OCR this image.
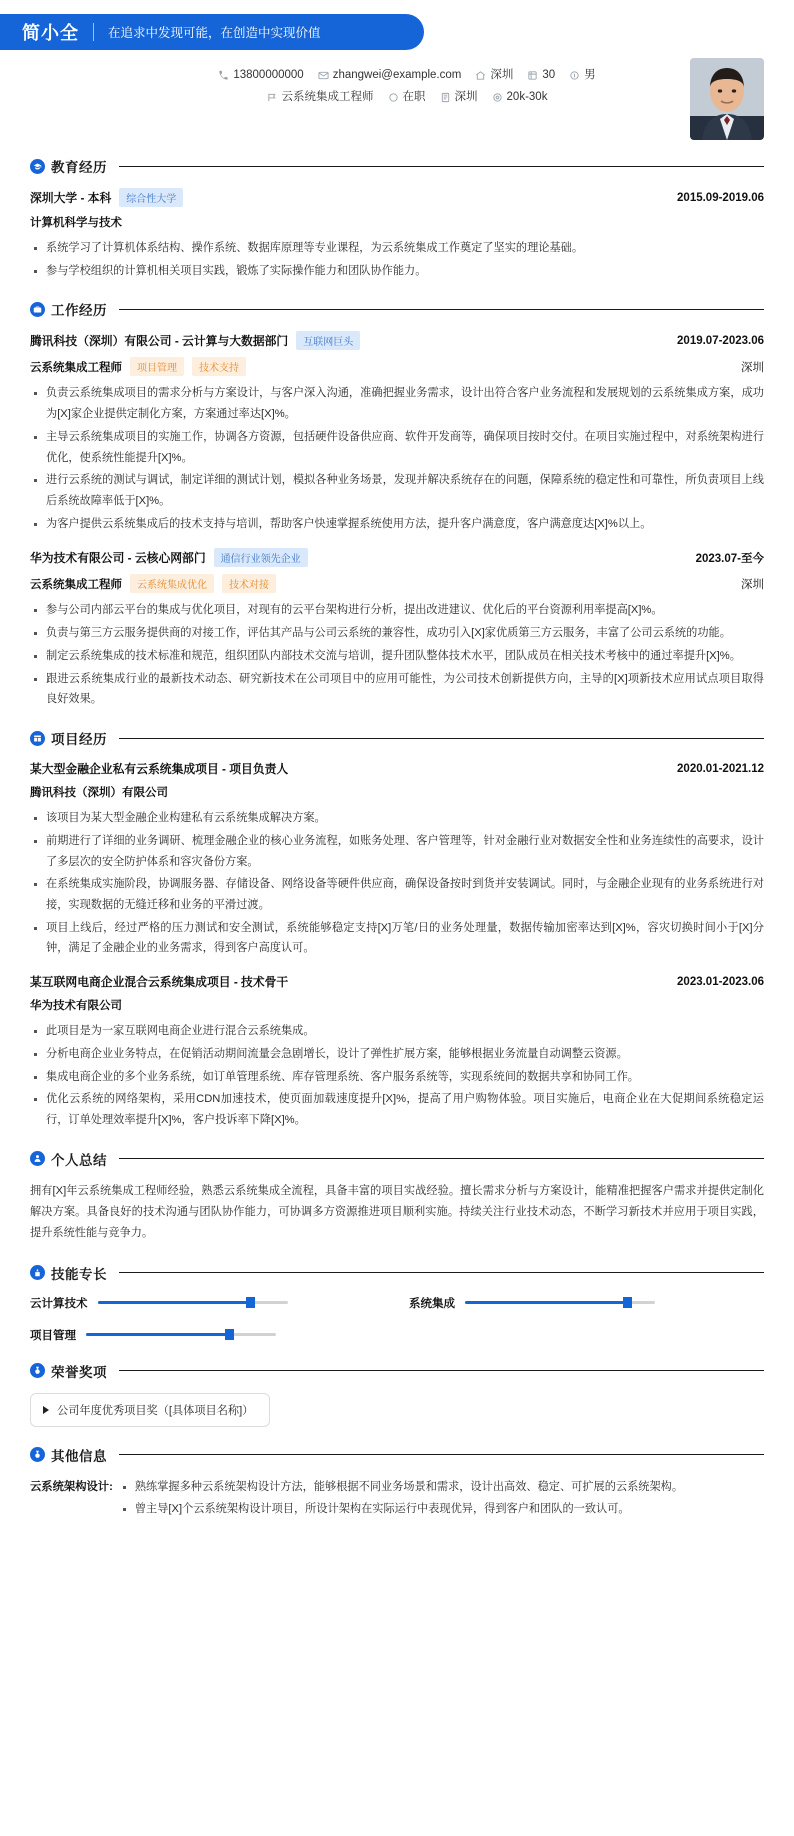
简小全 在追求中发现可能，在创造中实现价值
13800000000	zhangwei@example.com	深圳	30	男
云系统集成工程师	在职	深圳	20k-30k
教育经历
深圳大学 - 本科	综合性大学	2015.09-2019.06
计算机科学与技术
系统学习了计算机体系结构、操作系统、数据库原理等专业课程，为云系统集成工作奠定了坚实的理论基础。
参与学校组织的计算机相关项目实践，锻炼了实际操作能力和团队协作能力。
工作经历
腾讯科技（深圳）有限公司 - 云计算与大数据部门	互联网巨头	2019.07-2023.06
云系统集成工程师	项目管理	技术支持	深圳
负责云系统集成项目的需求分析与方案设计，与客户深入沟通，准确把握业务需求，设计出符合客户业务流程和发展规划的云系统集成方案，成功为[X]家企业提供定制化方案，方案通过率达[X]%。
主导云系统集成项目的实施工作，协调各方资源，包括硬件设备供应商、软件开发商等，确保项目按时交付。在项目实施过程中，对系统架构进行优化，使系统性能提升[X]%。
进行云系统的测试与调试，制定详细的测试计划，模拟各种业务场景，发现并解决系统存在的问题，保障系统的稳定性和可靠性，所负责项目上线后系统故障率低于[X]%。
为客户提供云系统集成后的技术支持与培训，帮助客户快速掌握系统使用方法，提升客户满意度，客户满意度达[X]%以上。
华为技术有限公司 - 云核心网部门	通信行业领先企业	2023.07-至今
云系统集成工程师	云系统集成优化	技术对接	深圳
参与公司内部云平台的集成与优化项目，对现有的云平台架构进行分析，提出改进建议、优化后的平台资源利用率提高[X]%。
负责与第三方云服务提供商的对接工作，评估其产品与公司云系统的兼容性，成功引入[X]家优质第三方云服务，丰富了公司云系统的功能。
制定云系统集成的技术标准和规范，组织团队内部技术交流与培训，提升团队整体技术水平，团队成员在相关技术考核中的通过率提升[X]%。
跟进云系统集成行业的最新技术动态、研究新技术在公司项目中的应用可能性，为公司技术创新提供方向，主导的[X]项新技术应用试点项目取得良好效果。
项目经历
某大型金融企业私有云系统集成项目 - 项目负责人	2020.01-2021.12
腾讯科技（深圳）有限公司
该项目为某大型金融企业构建私有云系统集成解决方案。
前期进行了详细的业务调研、梳理金融企业的核心业务流程，如账务处理、客户管理等，针对金融行业对数据安全性和业务连续性的高要求，设计了多层次的安全防护体系和容灾备份方案。
在系统集成实施阶段，协调服务器、存储设备、网络设备等硬件供应商，确保设备按时到货并安装调试。同时，与金融企业现有的业务系统进行对接，实现数据的无缝迁移和业务的平滑过渡。
项目上线后，经过严格的压力测试和安全测试，系统能够稳定支持[X]万笔/日的业务处理量，数据传输加密率达到[X]%，容灾切换时间小于[X]分钟，满足了金融企业的业务需求，得到客户高度认可。
某互联网电商企业混合云系统集成项目 - 技术骨干	2023.01-2023.06
华为技术有限公司
此项目是为一家互联网电商企业进行混合云系统集成。
分析电商企业业务特点，在促销活动期间流量会急剧增长，设计了弹性扩展方案，能够根据业务流量自动调整云资源。
集成电商企业的多个业务系统，如订单管理系统、库存管理系统、客户服务系统等，实现系统间的数据共享和协同工作。
优化云系统的网络架构，采用CDN加速技术，使页面加载速度提升[X]%，提高了用户购物体验。项目实施后，电商企业在大促期间系统稳定运行，订单处理效率提升[X]%，客户投诉率下降[X]%。
个人总结
拥有[X]年云系统集成工程师经验，熟悉云系统集成全流程，具备丰富的项目实战经验。擅长需求分析与方案设计，能精准把握客户需求并提供定制化解决方案。具备良好的技术沟通与团队协作能力，可协调多方资源推进项目顺利实施。持续关注行业技术动态，不断学习新技术并应用于项目实践，提升系统性能与竞争力。
技能专长
云计算技术	系统集成
项目管理
荣誉奖项
公司年度优秀项目奖（[具体项目名称]）
其他信息
云系统架构设计:	熟练掌握多种云系统架构设计方法，能够根据不同业务场景和需求，设计出高效、稳定、可扩展的云系统架构。
曾主导[X]个云系统架构设计项目，所设计架构在实际运行中表现优异，得到客户和团队的一致认可。
